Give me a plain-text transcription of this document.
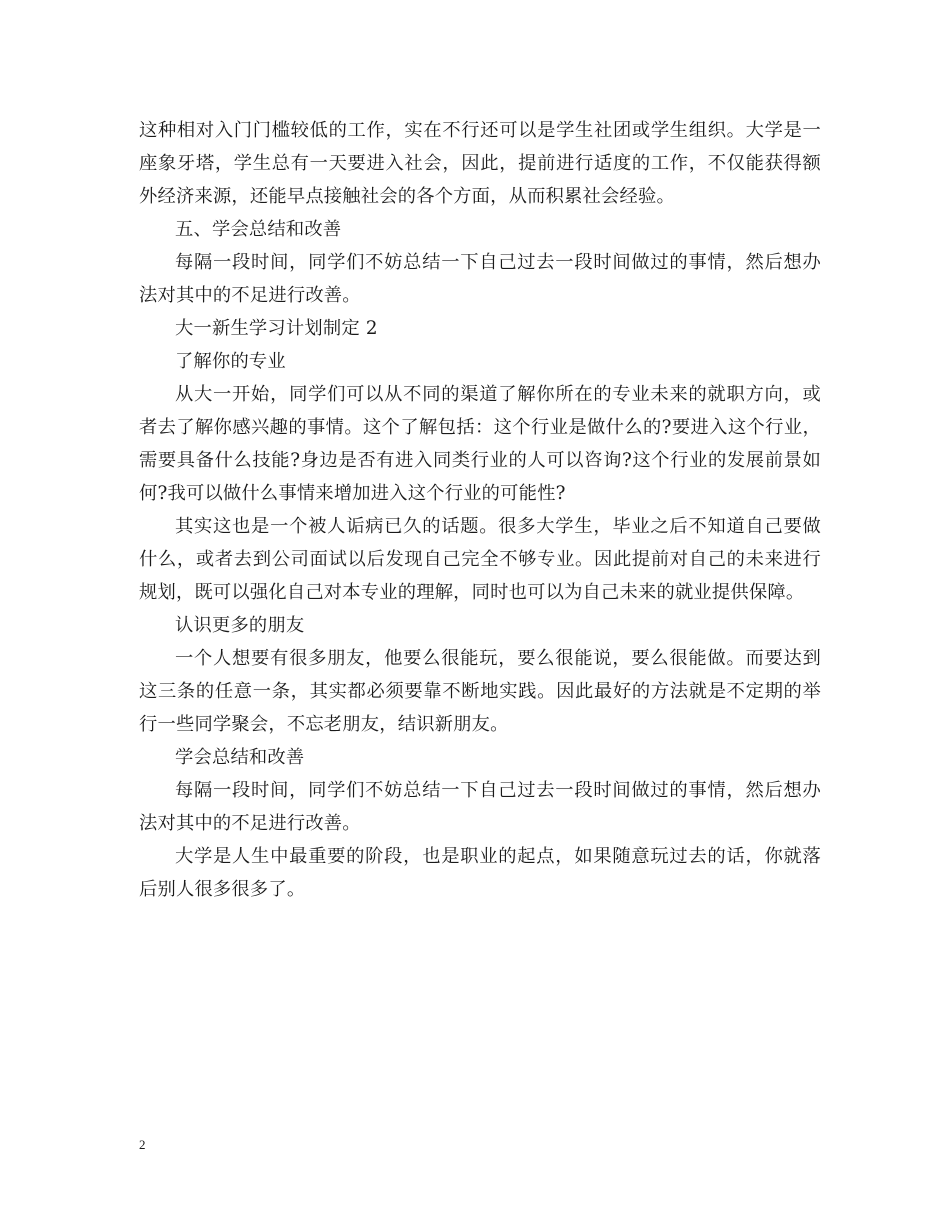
这种相对入门门槛较低的工作，实在不行还可以是学生社团或学生组织。大学是一座象牙塔，学生总有一天要进入社会，因此，提前进行适度的工作，不仅能获得额外经济来源，还能早点接触社会的各个方面，从而积累社会经验。

五、学会总结和改善

每隔一段时间，同学们不妨总结一下自己过去一段时间做过的事情，然后想办法对其中的不足进行改善。

大一新生学习计划制定 2

了解你的专业

从大一开始，同学们可以从不同的渠道了解你所在的专业未来的就职方向，或者去了解你感兴趣的事情。这个了解包括：这个行业是做什么的?要进入这个行业，需要具备什么技能?身边是否有进入同类行业的人可以咨询?这个行业的发展前景如何?我可以做什么事情来增加进入这个行业的可能性?

其实这也是一个被人诟病已久的话题。很多大学生，毕业之后不知道自己要做什么，或者去到公司面试以后发现自己完全不够专业。因此提前对自己的未来进行规划，既可以强化自己对本专业的理解，同时也可以为自己未来的就业提供保障。

认识更多的朋友

一个人想要有很多朋友，他要么很能玩，要么很能说，要么很能做。而要达到这三条的任意一条，其实都必须要靠不断地实践。因此最好的方法就是不定期的举行一些同学聚会，不忘老朋友，结识新朋友。

学会总结和改善

每隔一段时间，同学们不妨总结一下自己过去一段时间做过的事情，然后想办法对其中的不足进行改善。

大学是人生中最重要的阶段，也是职业的起点，如果随意玩过去的话，你就落后别人很多很多了。

2
